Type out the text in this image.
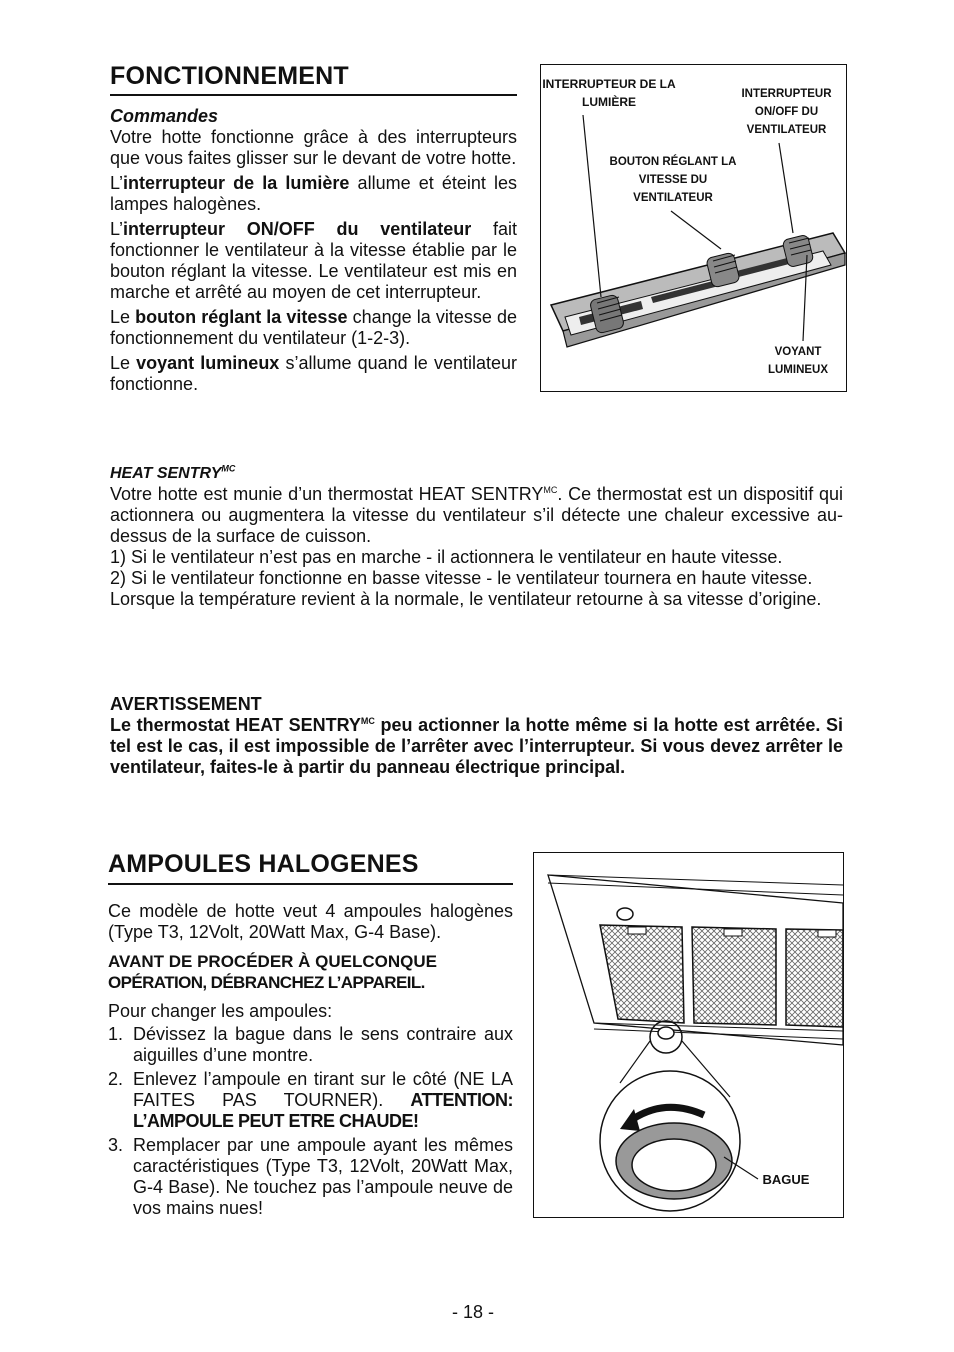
FONCTIONNEMENT
Commandes

Votre hotte fonctionne grâce à des interrupteurs que vous faites glisser sur le devant de votre hotte.

L’interrupteur de la lumière allume et éteint les lampes halogènes.

L’interrupteur ON/OFF du ventilateur fait fonctionner le ventilateur à la vitesse établie par le bouton réglant la vitesse. Le ventilateur est mis en marche et arrêté au moyen de cet interrupteur.

Le bouton réglant la vitesse change la vitesse de fonctionnement du ventilateur (1-2-3).

Le voyant lumineux s’allume quand le ventilateur fonctionne.

INTERRUPTEUR DE LA LUMIÈRE
INTERRUPTEUR ON/OFF DU VENTILATEUR
BOUTON RÉGLANT LA VITESSE DU VENTILATEUR
VOYANT LUMINEUX
HEAT $SENTRY^{MC}$
Votre hotte est munie d’un thermostat HEAT $SENTRY^{MC}$. Ce thermostat est un dispositif qui actionnera ou augmentera la vitesse du ventilateur s’il détecte une chaleur excessive au-dessus de la surface de cuisson.
1) Si le ventilateur n’est pas en marche - il actionnera le ventilateur en haute vitesse.
2) Si le ventilateur fonctionne en basse vitesse - le ventilateur tournera en haute vitesse.
Lorsque la température revient à la normale, le ventilateur retourne à sa vitesse d’origine.
AVERTISSEMENT
Le thermostat HEAT $SENTRY^{MC}$ peu actionner la hotte même si la hotte est arrêtée. Si tel est le cas, il est impossible de l’arrêter avec l’interrupteur. Si vous devez arrêter le ventilateur, faites-le à partir du panneau électrique principal.
AMPOULES HALOGENES

Ce modèle de hotte veut 4 ampoules halogènes (Type T3, 12Volt, 20Watt Max, G-4 Base).

AVANT DE PROCÉDER À QUELCONQUE
OPÉRATION, DÉBRANCHEZ L’APPAREIL.

Pour changer les ampoules:

1. Dévissez la bague dans le sens contraire aux aiguilles d’une montre.
2. Enlevez l’ampoule en tirant sur le côté (NE LA FAITES PAS TOURNER). ATTENTION: L’AMPOULE PEUT ETRE CHAUDE!
3. Remplacer par une ampoule ayant les mêmes caractéristiques (Type T3, 12Volt, 20Watt Max, G-4 Base). Ne touchez pas l’ampoule neuve de vos mains nues!
BAGUE
- 18 -
